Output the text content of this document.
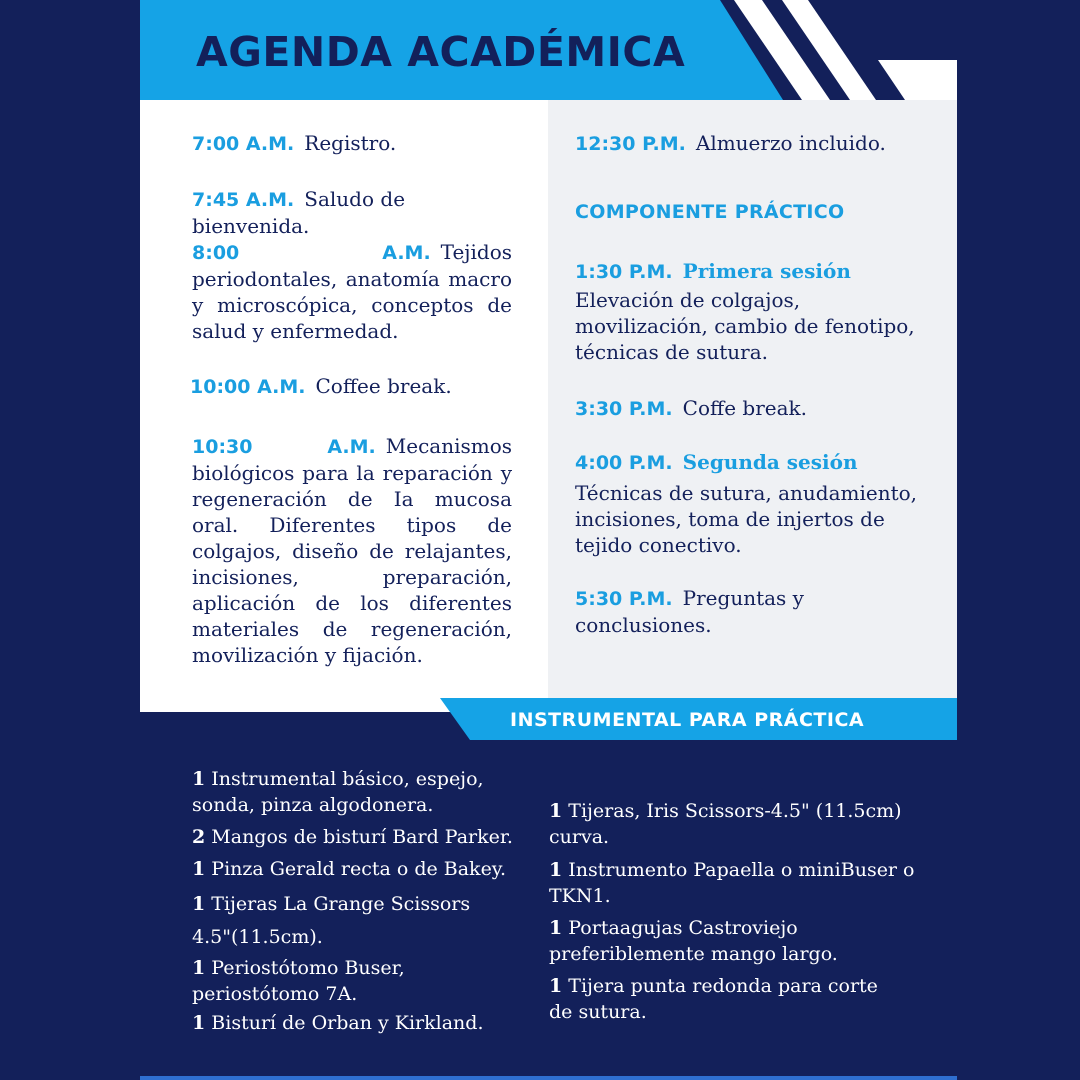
AGENDA ACADÉMICA

7:00 A.M. Registro.

7:45 A.M. Saludo de bienvenida.

8:00 A.M. Tejidos periodontales, anatomía macro y microscópica, conceptos de salud y enfermedad.

10:00 A.M. Coffee break.

10:30 A.M. Mecanismos biológicos para la reparación y regeneración de Ia mucosa oral. Diferentes tipos de colgajos, diseño de relajantes, incisiones, preparación, aplicación de los diferentes materiales de regeneración, movilización y fijación.

12:30 P.M. Almuerzo incluido.

COMPONENTE PRÁCTICO

1:30 P.M. Primera sesión

Elevación de colgajos, movilización, cambio de fenotipo, técnicas de sutura.

3:30 P.M. Coffe break.

4:00 P.M. Segunda sesión

Técnicas de sutura, anudamiento, incisiones, toma de injertos de tejido conectivo.

5:30 P.M. Preguntas y conclusiones.

INSTRUMENTAL PARA PRÁCTICA

1 Instrumental básico, espejo, sonda, pinza algodonera.

2 Mangos de bisturí Bard Parker.

1 Pinza Gerald recta o de Bakey.

1 Tijeras La Grange Scissors 4.5"(11.5cm).

1 Periostótomo Buser, periostótomo 7A.

1 Bisturí de Orban y Kirkland.

1 Tijeras, Iris Scissors-4.5" (11.5cm) curva.

1 Instrumento Papaella o miniBuser o TKN1.

1 Portaagujas Castroviejo preferiblemente mango largo.

1 Tijera punta redonda para corte de sutura.
